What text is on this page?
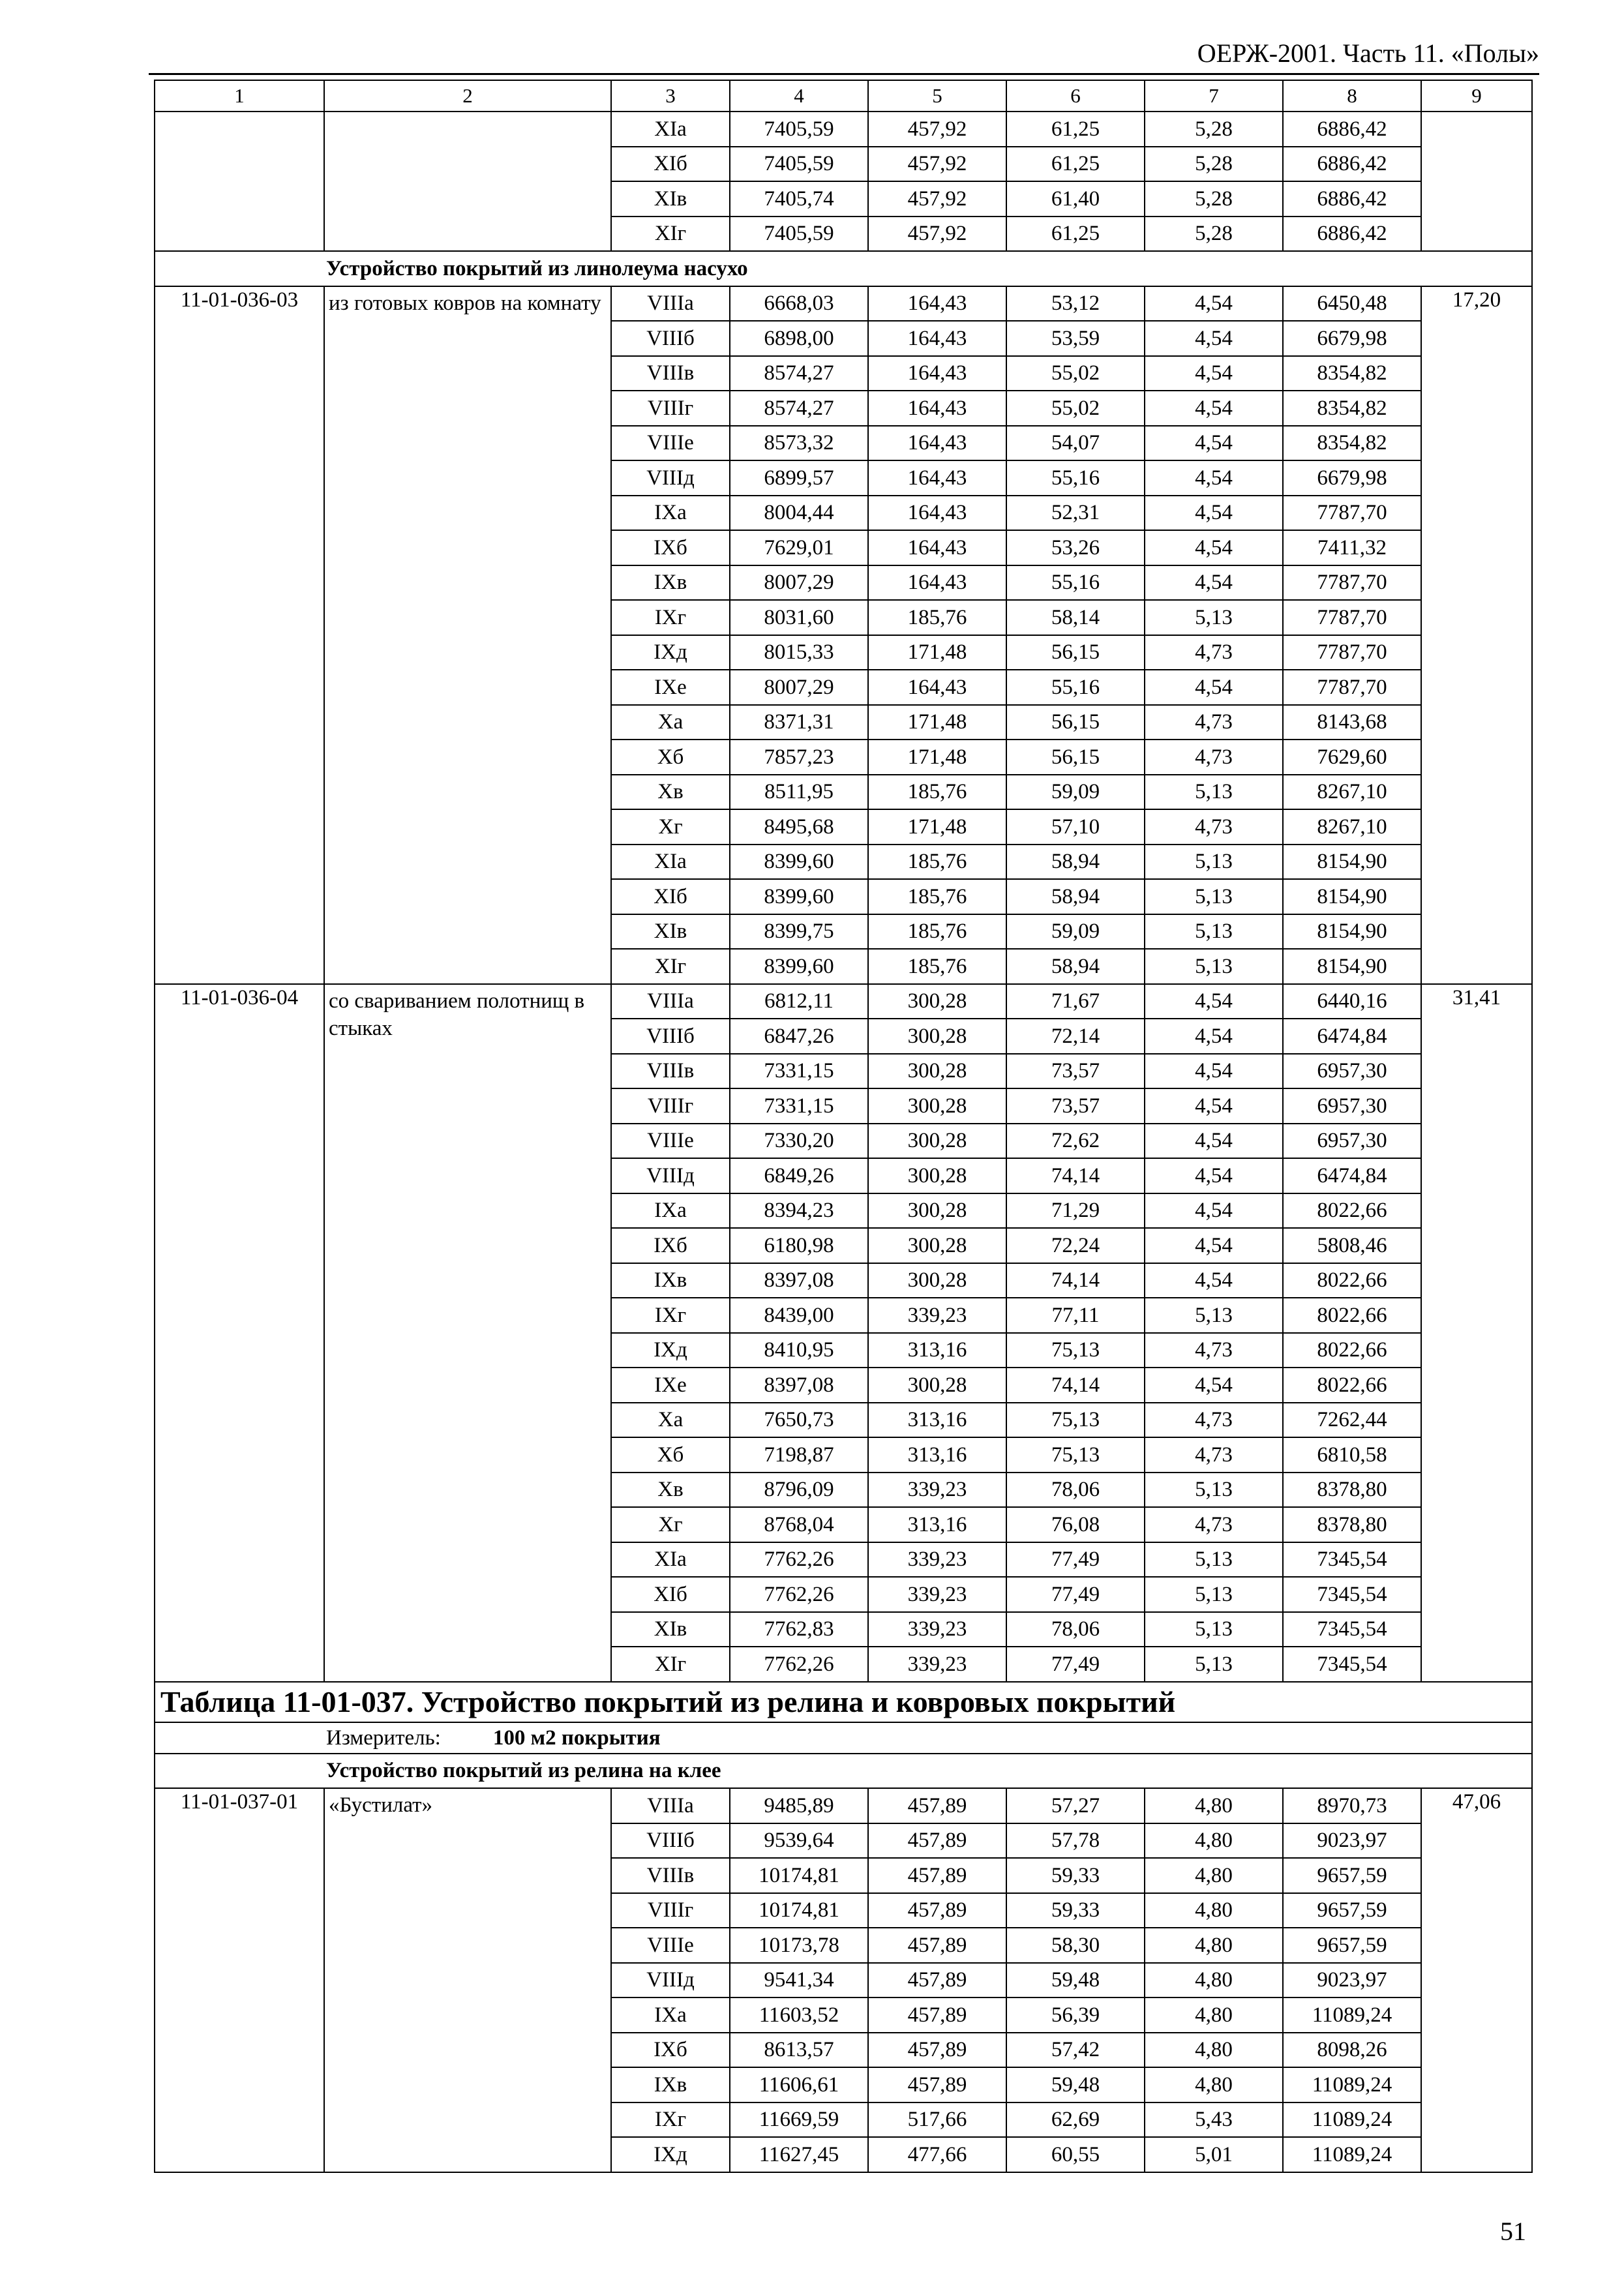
ОЕРЖ-2001. Часть 11. «Полы»
1	2	3	4	5	6	7	8	9
		XIа	7405,59	457,92	61,25	5,28	6886,42	
		XIб	7405,59	457,92	61,25	5,28	6886,42	
		XIв	7405,74	457,92	61,40	5,28	6886,42	
		XIг	7405,59	457,92	61,25	5,28	6886,42	
Устройство покрытий из линолеума насухо								
11-01-036-03	из готовых ковров на комнату	VIIIа	6668,03	164,43	53,12	4,54	6450,48	17,20
		VIIIб	6898,00	164,43	53,59	4,54	6679,98	
		VIIIв	8574,27	164,43	55,02	4,54	8354,82	
		VIIIг	8574,27	164,43	55,02	4,54	8354,82	
		VIIIе	8573,32	164,43	54,07	4,54	8354,82	
		VIIIд	6899,57	164,43	55,16	4,54	6679,98	
		IXа	8004,44	164,43	52,31	4,54	7787,70	
		IXб	7629,01	164,43	53,26	4,54	7411,32	
		IXв	8007,29	164,43	55,16	4,54	7787,70	
		IXг	8031,60	185,76	58,14	5,13	7787,70	
		IXд	8015,33	171,48	56,15	4,73	7787,70	
		IXе	8007,29	164,43	55,16	4,54	7787,70	
		Xа	8371,31	171,48	56,15	4,73	8143,68	
		Xб	7857,23	171,48	56,15	4,73	7629,60	
		Xв	8511,95	185,76	59,09	5,13	8267,10	
		Xг	8495,68	171,48	57,10	4,73	8267,10	
		XIа	8399,60	185,76	58,94	5,13	8154,90	
		XIб	8399,60	185,76	58,94	5,13	8154,90	
		XIв	8399,75	185,76	59,09	5,13	8154,90	
		XIг	8399,60	185,76	58,94	5,13	8154,90	
11-01-036-04	со свариванием полотнищ в стыках	VIIIа	6812,11	300,28	71,67	4,54	6440,16	31,41
		VIIIб	6847,26	300,28	72,14	4,54	6474,84	
		VIIIв	7331,15	300,28	73,57	4,54	6957,30	
		VIIIг	7331,15	300,28	73,57	4,54	6957,30	
		VIIIе	7330,20	300,28	72,62	4,54	6957,30	
		VIIIд	6849,26	300,28	74,14	4,54	6474,84	
		IXа	8394,23	300,28	71,29	4,54	8022,66	
		IXб	6180,98	300,28	72,24	4,54	5808,46	
		IXв	8397,08	300,28	74,14	4,54	8022,66	
		IXг	8439,00	339,23	77,11	5,13	8022,66	
		IXд	8410,95	313,16	75,13	4,73	8022,66	
		IXе	8397,08	300,28	74,14	4,54	8022,66	
		Xа	7650,73	313,16	75,13	4,73	7262,44	
		Xб	7198,87	313,16	75,13	4,73	6810,58	
		Xв	8796,09	339,23	78,06	5,13	8378,80	
		Xг	8768,04	313,16	76,08	4,73	8378,80	
		XIа	7762,26	339,23	77,49	5,13	7345,54	
		XIб	7762,26	339,23	77,49	5,13	7345,54	
		XIв	7762,83	339,23	78,06	5,13	7345,54	
		XIг	7762,26	339,23	77,49	5,13	7345,54	
Таблица 11-01-037. Устройство покрытий из релина и ковровых покрытий								
Измеритель: 100 м2 покрытия								
Устройство покрытий из релина на клее								
11-01-037-01	«Бустилат»	VIIIа	9485,89	457,89	57,27	4,80	8970,73	47,06
		VIIIб	9539,64	457,89	57,78	4,80	9023,97	
		VIIIв	10174,81	457,89	59,33	4,80	9657,59	
		VIIIг	10174,81	457,89	59,33	4,80	9657,59	
		VIIIе	10173,78	457,89	58,30	4,80	9657,59	
		VIIIд	9541,34	457,89	59,48	4,80	9023,97	
		IXа	11603,52	457,89	56,39	4,80	11089,24	
		IXб	8613,57	457,89	57,42	4,80	8098,26	
		IXв	11606,61	457,89	59,48	4,80	11089,24	
		IXг	11669,59	517,66	62,69	5,43	11089,24	
		IXд	11627,45	477,66	60,55	5,01	11089,24	
51
